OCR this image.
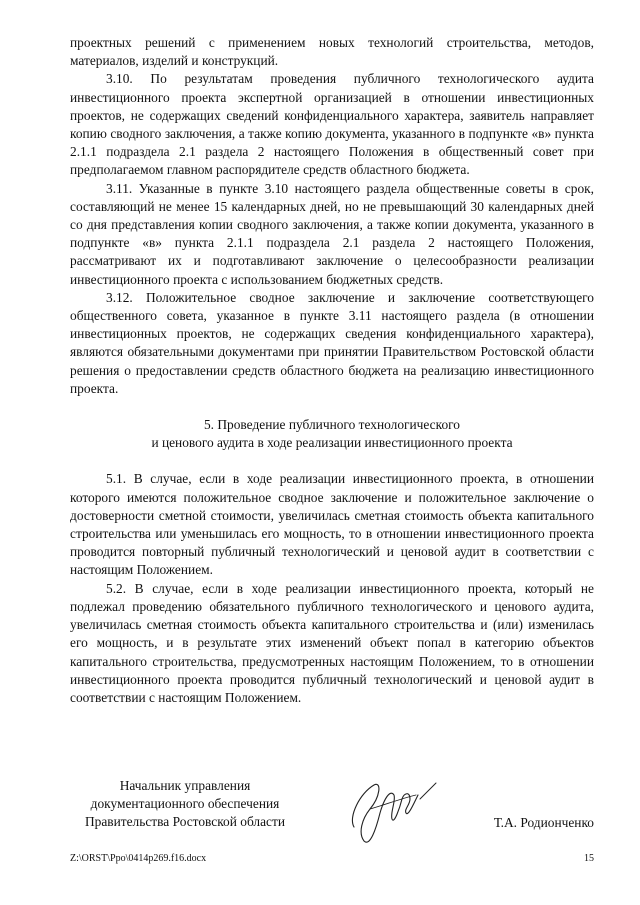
проектных решений с применением новых технологий строительства, методов, материалов, изделий и конструкций.

3.10. По результатам проведения публичного технологического аудита инвестиционного проекта экспертной организацией в отношении инвестиционных проектов, не содержащих сведений конфиденциального характера, заявитель направляет копию сводного заключения, а также копию документа, указанного в подпункте «в» пункта 2.1.1 подраздела 2.1 раздела 2 настоящего Положения в общественный совет при предполагаемом главном распорядителе средств областного бюджета.

3.11. Указанные в пункте 3.10 настоящего раздела общественные советы в срок, составляющий не менее 15 календарных дней, но не превышающий 30 календарных дней со дня представления копии сводного заключения, а также копии документа, указанного в подпункте «в» пункта 2.1.1 подраздела 2.1 раздела 2 настоящего Положения, рассматривают их и подготавливают заключение о целесообразности реализации инвестиционного проекта с использованием бюджетных средств.

3.12. Положительное сводное заключение и заключение соответствующего общественного совета, указанное в пункте 3.11 настоящего раздела (в отношении инвестиционных проектов, не содержащих сведения конфиденциального характера), являются обязательными документами при принятии Правительством Ростовской области решения о предоставлении средств областного бюджета на реализацию инвестиционного проекта.

5. Проведение публичного технологического
и ценового аудита в ходе реализации инвестиционного проекта

5.1. В случае, если в ходе реализации инвестиционного проекта, в отношении которого имеются положительное сводное заключение и положительное заключение о достоверности сметной стоимости, увеличилась сметная стоимость объекта капитального строительства или уменьшилась его мощность, то в отношении инвестиционного проекта проводится повторный публичный технологический и ценовой аудит в соответствии с настоящим Положением.

5.2. В случае, если в ходе реализации инвестиционного проекта, который не подлежал проведению обязательного публичного технологического и ценового аудита, увеличилась сметная стоимость объекта капитального строительства и (или) изменилась его мощность, и в результате этих изменений объект попал в категорию объектов капитального строительства, предусмотренных настоящим Положением, то в отношении инвестиционного проекта проводится публичный технологический и ценовой аудит в соответствии с настоящим Положением.

Начальник управления
документационного обеспечения
Правительства Ростовской области	Т.А. Родионченко
Z:\ORST\Ppo\0414p269.f16.docx	15
